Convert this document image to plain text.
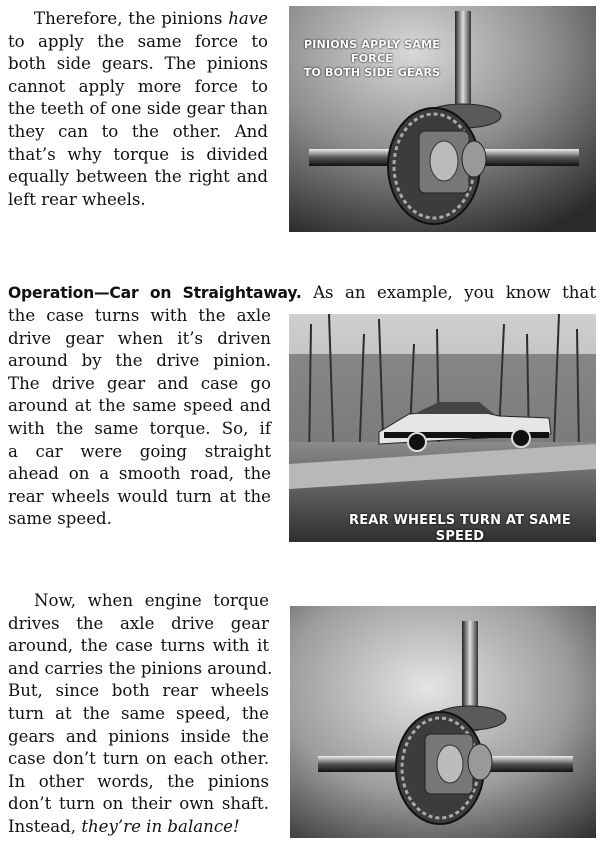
Therefore, the pinions have
to apply the same force to
both side gears. The pinions
cannot apply more force to
the teeth of one side gear than
they can to the other. And
that’s why torque is divided
equally between the right and
left rear wheels.
PINIONS APPLY SAME FORCE
TO BOTH SIDE GEARS
Operation—Car on Straightaway. As an example, you know that
the case turns with the axle
drive gear when it’s driven
around by the drive pinion.
The drive gear and case go
around at the same speed and
with the same torque. So, if
a car were going straight
ahead on a smooth road, the
rear wheels would turn at the
same speed.	REAR WHEELS TURN AT SAME SPEED
Now, when engine torque
drives the axle drive gear
around, the case turns with it
and carries the pinions around.
But, since both rear wheels
turn at the same speed, the
gears and pinions inside the
case don’t turn on each other.
In other words, the pinions
don’t turn on their own shaft.
Instead, they’re in balance!
